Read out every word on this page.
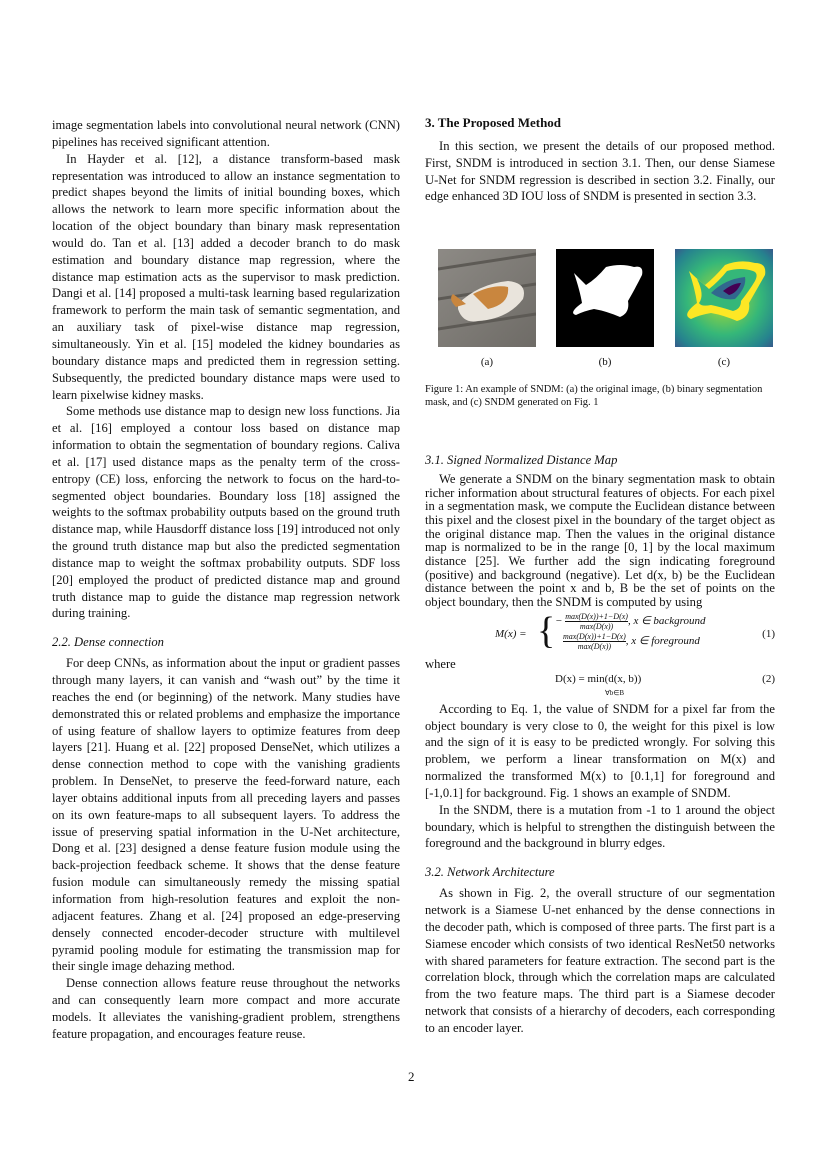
image segmentation labels into convolutional neural network (CNN) pipelines has received significant attention.

In Hayder et al. [12], a distance transform-based mask representation was introduced to allow an instance segmentation to predict shapes beyond the limits of initial bounding boxes, which allows the network to learn more specific information about the location of the object boundary than binary mask representation would do. Tan et al. [13] added a decoder branch to do mask estimation and boundary distance map regression, where the distance map estimation acts as the supervisor to mask prediction. Dangi et al. [14] proposed a multi-task learning based regularization framework to perform the main task of semantic segmentation, and an auxiliary task of pixel-wise distance map regression, simultaneously. Yin et al. [15] modeled the kidney boundaries as boundary distance maps and predicted them in regression setting. Subsequently, the predicted boundary distance maps were used to learn pixelwise kidney masks.

Some methods use distance map to design new loss functions. Jia et al. [16] employed a contour loss based on distance map information to obtain the segmentation of boundary regions. Caliva et al. [17] used distance maps as the penalty term of the cross-entropy (CE) loss, enforcing the network to focus on the hard-to-segmented object boundaries. Boundary loss [18] assigned the weights to the softmax probability outputs based on the ground truth distance map, while Hausdorff distance loss [19] introduced not only the ground truth distance map but also the predicted segmentation distance map to weight the softmax probability outputs. SDF loss [20] employed the product of predicted distance map and ground truth distance map to guide the distance map regression network during training.

2.2. Dense connection

For deep CNNs, as information about the input or gradient passes through many layers, it can vanish and “wash out” by the time it reaches the end (or beginning) of the network. Many studies have demonstrated this or related problems and emphasize the importance of using feature of shallow layers to optimize features from deep layers [21]. Huang et al. [22] proposed DenseNet, which utilizes a dense connection method to cope with the vanishing gradients problem. In DenseNet, to preserve the feed-forward nature, each layer obtains additional inputs from all preceding layers and passes on its own feature-maps to all subsequent layers. To address the issue of preserving spatial information in the U-Net architecture, Dong et al. [23] designed a dense feature fusion module using the back-projection feedback scheme. It shows that the dense feature fusion module can simultaneously remedy the missing spatial information from high-resolution features and exploit the non-adjacent features. Zhang et al. [24] proposed an edge-preserving densely connected encoder-decoder structure with multilevel pyramid pooling module for estimating the transmission map for their single image dehazing method.

Dense connection allows feature reuse throughout the networks and can consequently learn more compact and more accurate models. It alleviates the vanishing-gradient problem, strengthens feature propagation, and encourages feature reuse.

3. The Proposed Method

In this section, we present the details of our proposed method. First, SNDM is introduced in section 3.1. Then, our dense Siamese U-Net for SNDM regression is described in section 3.2. Finally, our edge enhanced 3D IOU loss of SNDM is presented in section 3.3.

(a)	(b)	(c)
Figure 1: An example of SNDM: (a) the original image, (b) binary segmentation mask, and (c) SNDM generated on Fig. 1
3.1. Signed Normalized Distance Map

We generate a SNDM on the binary segmentation mask to obtain richer information about structural features of objects. For each pixel in a segmentation mask, we compute the Euclidean distance between this pixel and the closest pixel in the boundary of the target object as the original distance map. Then the values in the original distance map is normalized to be in the range [0, 1] by the local maximum distance [25]. We further add the sign indicating foreground (positive) and background (negative). Let d(x, b) be the Euclidean distance between the point x and b, B be the set of points on the object boundary, then the SNDM is computed by using

M(x) = { − $\frac{\max(D(x))+1-D(x)}{\max(D(x))}$ , x ∈ background
$\frac{\max(D(x))+1-D(x)}{\max(D(x))}$ , x ∈ foreground
(1)
where
D(x) = min(d(x, b))
∀b∈B
(2)

According to Eq. 1, the value of SNDM for a pixel far from the object boundary is very close to 0, the weight for this pixel is low and the sign of it is easy to be predicted wrongly. For solving this problem, we perform a linear transformation on M(x) and normalized the transformed M(x) to [0.1,1] for foreground and [-1,0.1] for background. Fig. 1 shows an example of SNDM.

In the SNDM, there is a mutation from -1 to 1 around the object boundary, which is helpful to strengthen the distinguish between the foreground and the background in blurry edges.

3.2. Network Architecture

As shown in Fig. 2, the overall structure of our segmentation network is a Siamese U-net enhanced by the dense connections in the decoder path, which is composed of three parts. The first part is a Siamese encoder which consists of two identical ResNet50 networks with shared parameters for feature extraction. The second part is the correlation block, through which the correlation maps are calculated from the two feature maps. The third part is a Siamese decoder network that consists of a hierarchy of decoders, each corresponding to an encoder layer.

2
